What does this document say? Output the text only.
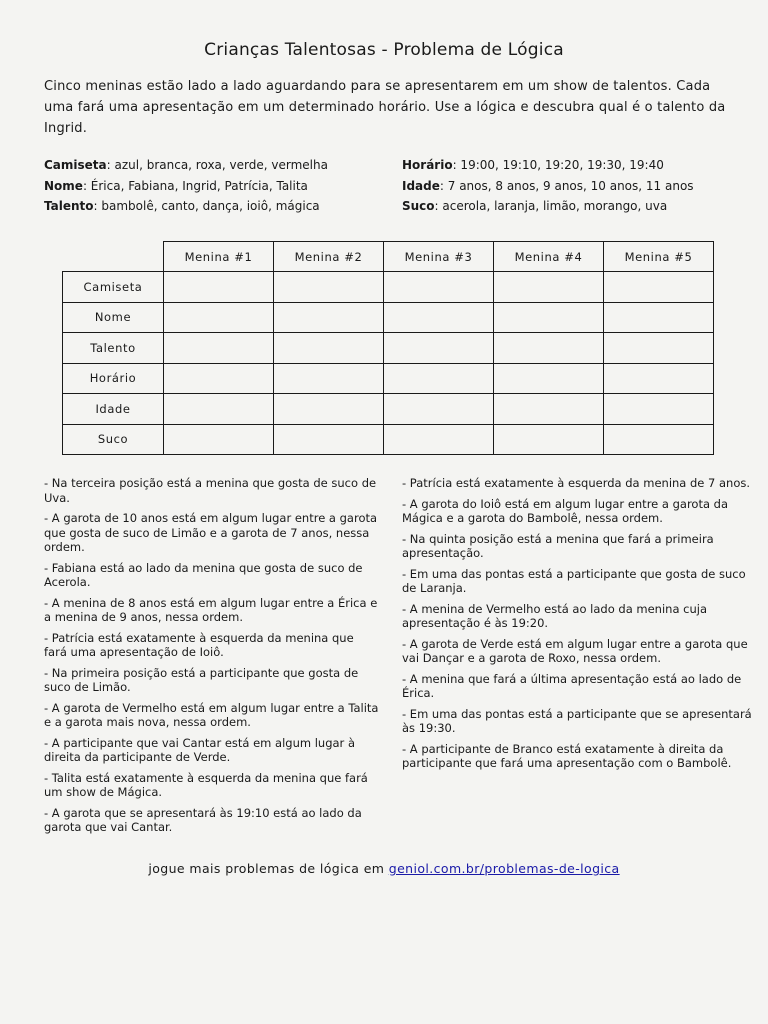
Crianças Talentosas - Problema de Lógica
Cinco meninas estão lado a lado aguardando para se apresentarem em um show de talentos. Cada uma fará uma apresentação em um determinado horário. Use a lógica e descubra qual é o talento da Ingrid.
Camiseta: azul, branca, roxa, verde, vermelha
Nome: Érica, Fabiana, Ingrid, Patrícia, Talita
Talento: bambolê, canto, dança, ioiô, mágica
Horário: 19:00, 19:10, 19:20, 19:30, 19:40
Idade: 7 anos, 8 anos, 9 anos, 10 anos, 11 anos
Suco: acerola, laranja, limão, morango, uva
	Menina #1	Menina #2	Menina #3	Menina #4	Menina #5
Camiseta					
Nome					
Talento					
Horário					
Idade					
Suco					
- Na terceira posição está a menina que gosta de suco de Uva.
- A garota de 10 anos está em algum lugar entre a garota que gosta de suco de Limão e a garota de 7 anos, nessa ordem.
- Fabiana está ao lado da menina que gosta de suco de Acerola.
- A menina de 8 anos está em algum lugar entre a Érica e a menina de 9 anos, nessa ordem.
- Patrícia está exatamente à esquerda da menina que fará uma apresentação de Ioiô.
- Na primeira posição está a participante que gosta de suco de Limão.
- A garota de Vermelho está em algum lugar entre a Talita e a garota mais nova, nessa ordem.
- A participante que vai Cantar está em algum lugar à direita da participante de Verde.
- Talita está exatamente à esquerda da menina que fará um show de Mágica.
- A garota que se apresentará às 19:10 está ao lado da garota que vai Cantar.
- Patrícia está exatamente à esquerda da menina de 7 anos.
- A garota do Ioiô está em algum lugar entre a garota da Mágica e a garota do Bambolê, nessa ordem.
- Na quinta posição está a menina que fará a primeira apresentação.
- Em uma das pontas está a participante que gosta de suco de Laranja.
- A menina de Vermelho está ao lado da menina cuja apresentação é às 19:20.
- A garota de Verde está em algum lugar entre a garota que vai Dançar e a garota de Roxo, nessa ordem.
- A menina que fará a última apresentação está ao lado de Érica.
- Em uma das pontas está a participante que se apresentará às 19:30.
- A participante de Branco está exatamente à direita da participante que fará uma apresentação com o Bambolê.
jogue mais problemas de lógica em geniol.com.br/problemas-de-logica
